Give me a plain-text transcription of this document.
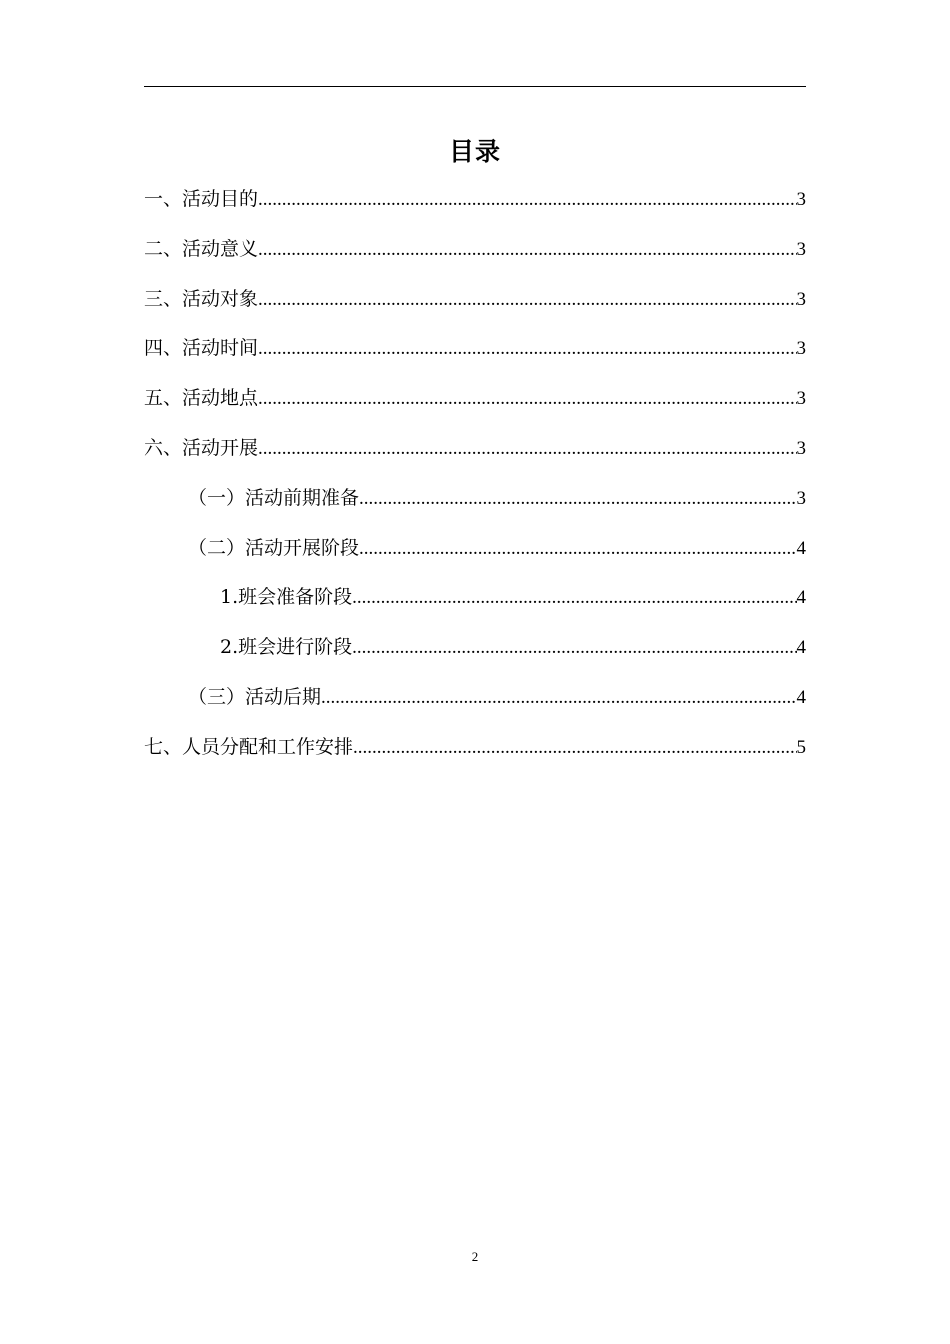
目录
一、活动目的 .....	3
二、活动意义 .....	3
三、活动对象 .....	3
四、活动时间 .....	3
五、活动地点 .....	3
六、活动开展 .....	3
（一）活动前期准备 .....	3
（二）活动开展阶段 .....	4
1.班会准备阶段 .....	4
2.班会进行阶段 .....	4
（三）活动后期 .....	4
七、人员分配和工作安排 .....	5
2
